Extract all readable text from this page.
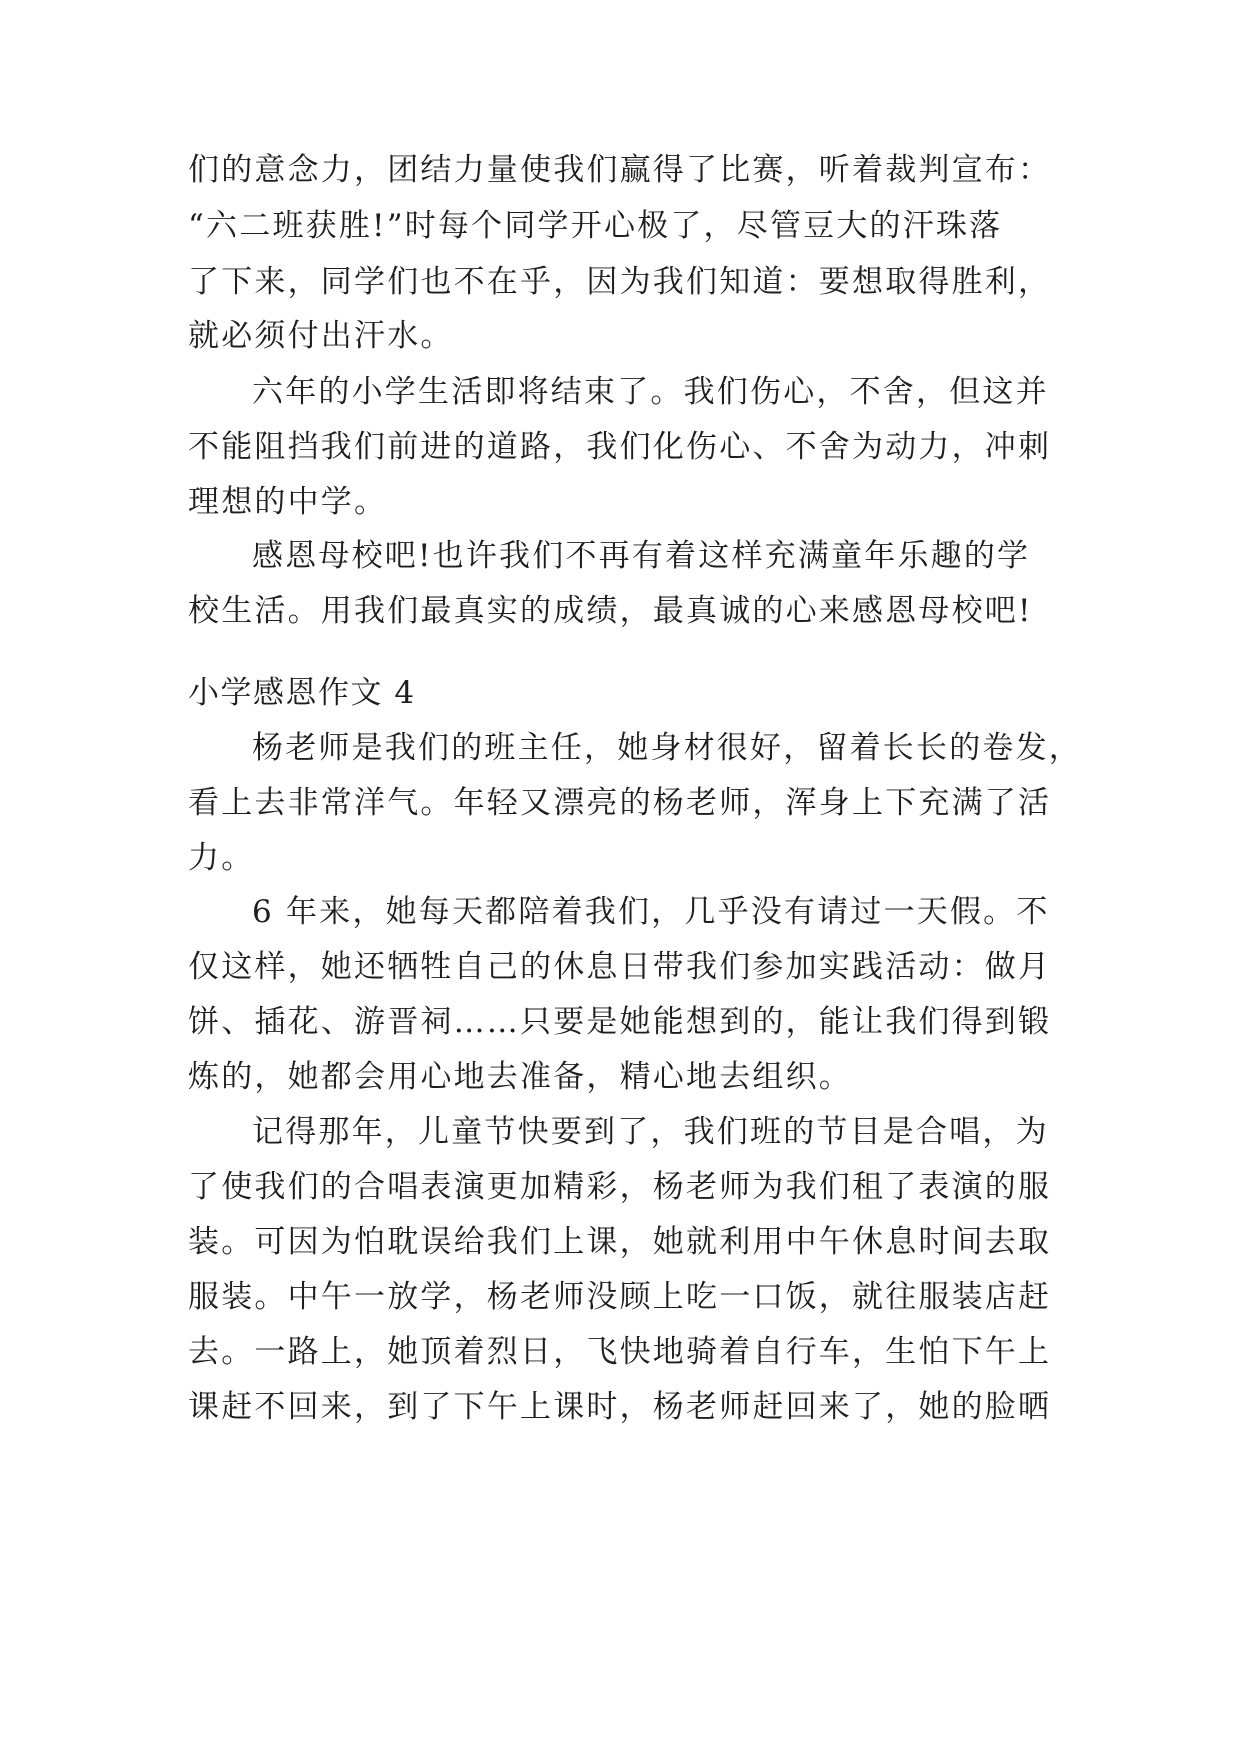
们的意念力，团结力量使我们赢得了比赛，听着裁判宣布：
“六二班获胜!”时每个同学开心极了，尽管豆大的汗珠落
了下来，同学们也不在乎，因为我们知道：要想取得胜利，
就必须付出汗水。
六年的小学生活即将结束了。我们伤心，不舍，但这并
不能阻挡我们前进的道路，我们化伤心、不舍为动力，冲刺
理想的中学。
感恩母校吧!也许我们不再有着这样充满童年乐趣的学
校生活。用我们最真实的成绩，最真诚的心来感恩母校吧!
小学感恩作文 4
杨老师是我们的班主任，她身材很好，留着长长的卷发，
看上去非常洋气。年轻又漂亮的杨老师，浑身上下充满了活
力。
6 年来，她每天都陪着我们，几乎没有请过一天假。不
仅这样，她还牺牲自己的休息日带我们参加实践活动：做月
饼、插花、游晋祠……只要是她能想到的，能让我们得到锻
炼的，她都会用心地去准备，精心地去组织。
记得那年，儿童节快要到了，我们班的节目是合唱，为
了使我们的合唱表演更加精彩，杨老师为我们租了表演的服
装。可因为怕耽误给我们上课，她就利用中午休息时间去取
服装。中午一放学，杨老师没顾上吃一口饭，就往服装店赶
去。一路上，她顶着烈日，飞快地骑着自行车，生怕下午上
课赶不回来，到了下午上课时，杨老师赶回来了，她的脸晒
